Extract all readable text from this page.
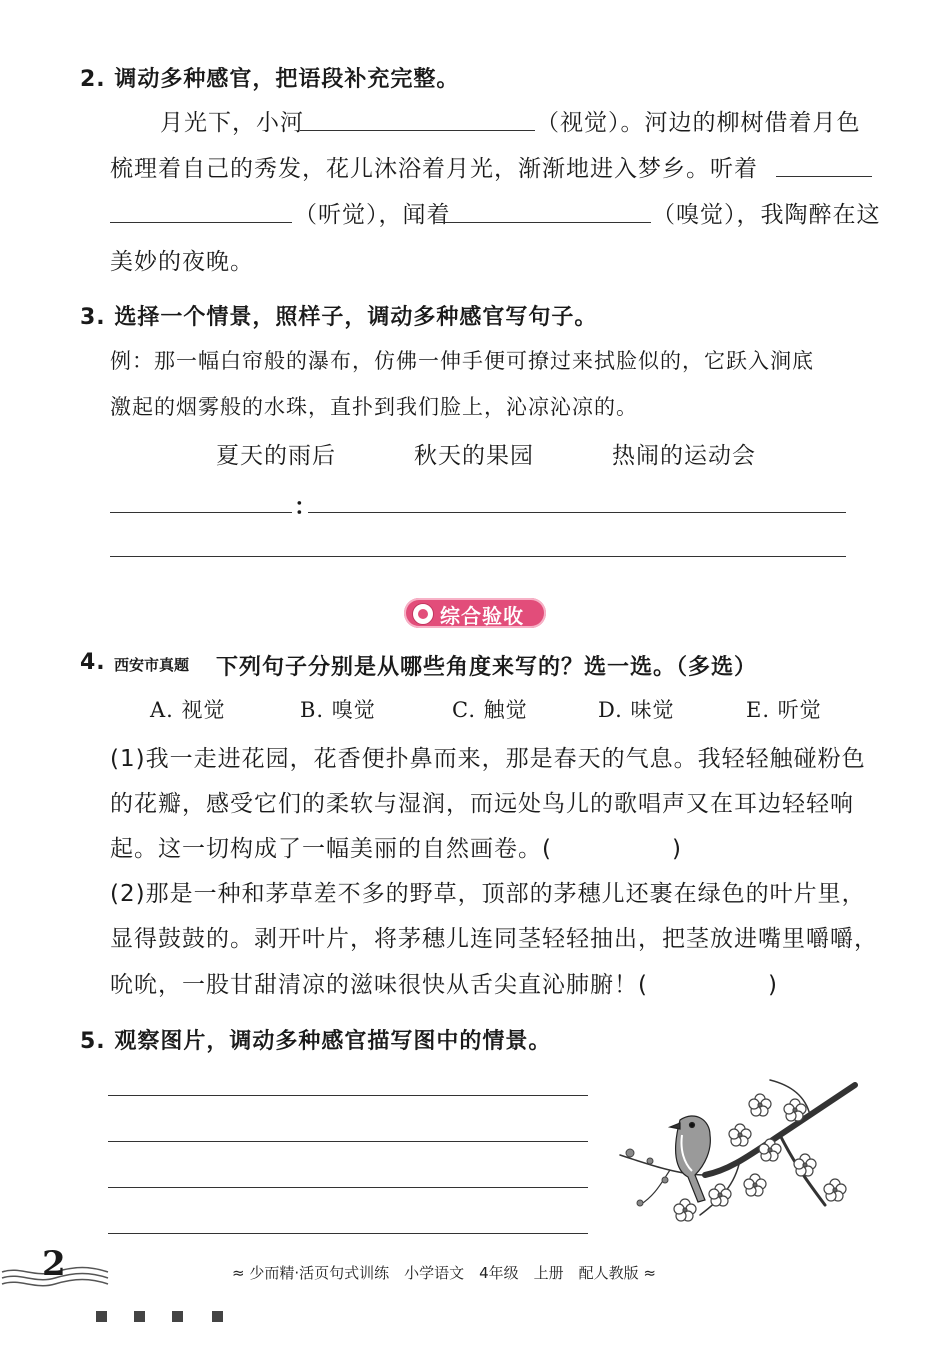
2. 调动多种感官，把语段补充完整。
月光下，小河	（视觉）。河边的柳树借着月色
梳理着自己的秀发，花儿沐浴着月光，渐渐地进入梦乡。听着
（听觉），闻着	（嗅觉），我陶醉在这
美妙的夜晚。
3. 选择一个情景，照样子，调动多种感官写句子。
例：那一幅白帘般的瀑布，仿佛一伸手便可撩过来拭脸似的，它跃入涧底
激起的烟雾般的水珠，直扑到我们脸上，沁凉沁凉的。
夏天的雨后	秋天的果园	热闹的运动会
：
综合验收
4. 西安市真题 下列句子分别是从哪些角度来写的？选一选。（多选）
A. 视觉	B. 嗅觉	C. 触觉	D. 味觉	E. 听觉
(1)我一走进花园，花香便扑鼻而来，那是春天的气息。我轻轻触碰粉色
的花瓣，感受它们的柔软与湿润，而远处鸟儿的歌唱声又在耳边轻轻响
起。这一切构成了一幅美丽的自然画卷。(　　　　　)
(2)那是一种和茅草差不多的野草，顶部的茅穗儿还裹在绿色的叶片里，
显得鼓鼓的。剥开叶片，将茅穗儿连同茎轻轻抽出，把茎放进嘴里嚼嚼，
吮吮，一股甘甜清凉的滋味很快从舌尖直沁肺腑！(　　　　　)
5. 观察图片，调动多种感官描写图中的情景。
2	≈ 少而精·活页句式训练　小学语文　4年级　上册　配人教版 ≈
